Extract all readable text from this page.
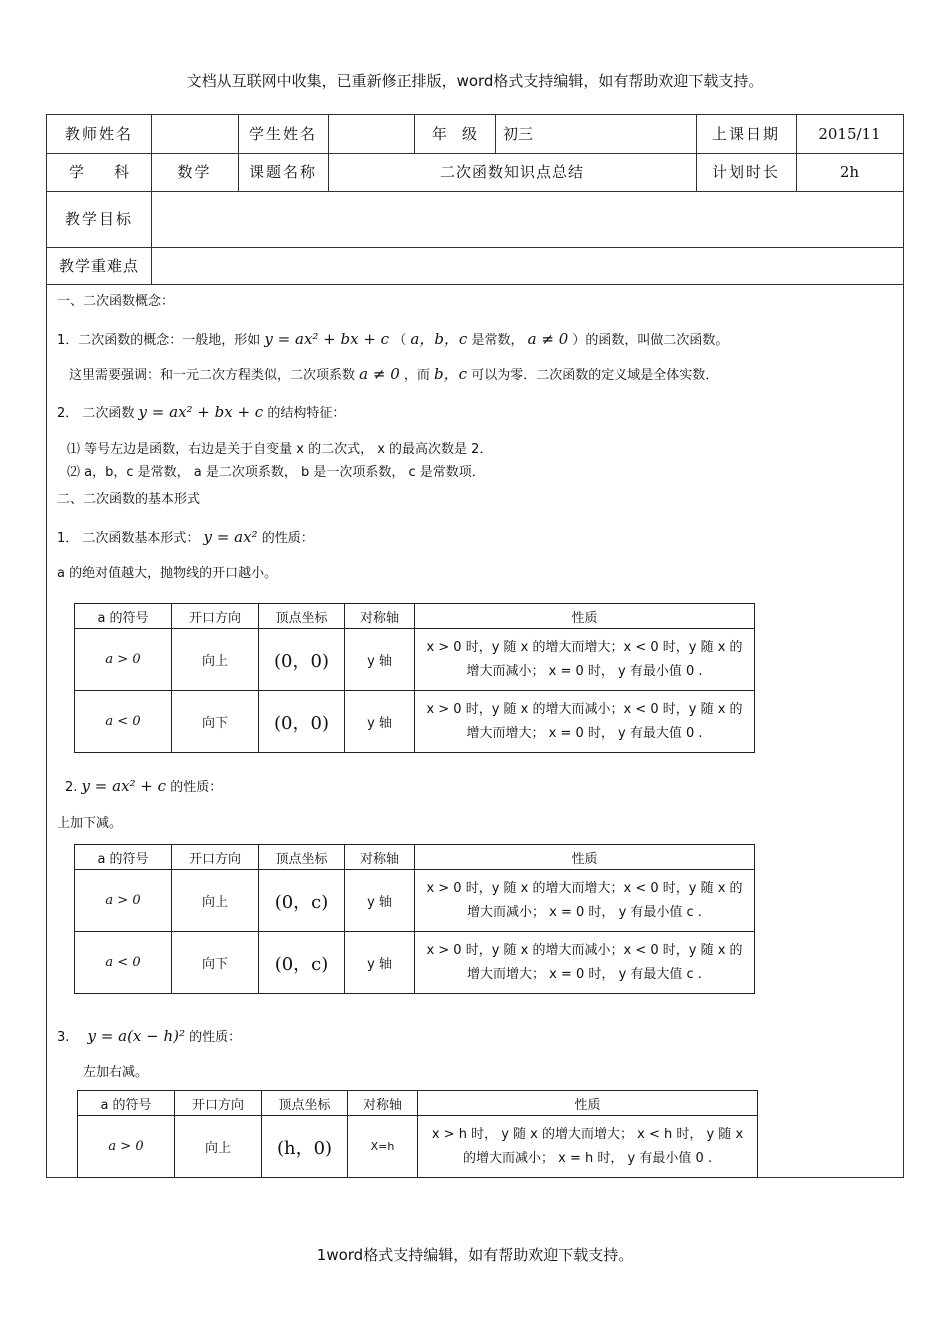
文档从互联网中收集，已重新修正排版，word格式支持编辑，如有帮助欢迎下载支持。
教师姓名	学生姓名	年　级	初三	上课日期	2015/11
学　　科	数学	课题名称	二次函数知识点总结	计划时长	2h
教学目标
教学重难点
一、二次函数概念：
1．二次函数的概念：一般地，形如 y = ax² + bx + c （ a，b，c 是常数， a ≠ 0 ）的函数，叫做二次函数。
这里需要强调：和一元二次方程类似，二次项系数 a ≠ 0 ，而 b，c 可以为零．二次函数的定义域是全体实数．
2． 二次函数 y = ax² + bx + c 的结构特征：
⑴ 等号左边是函数，右边是关于自变量 x 的二次式， x 的最高次数是 2．
⑵ a，b，c 是常数， a 是二次项系数， b 是一次项系数， c 是常数项．
二、二次函数的基本形式
1． 二次函数基本形式： y = ax² 的性质：
a 的绝对值越大，抛物线的开口越小。
a 的符号	开口方向	顶点坐标	对称轴	性质
a > 0	向上	(0，0)	y 轴	x > 0 时，y 随 x 的增大而增大；x < 0 时，y 随 x 的
增大而减小； x = 0 时， y 有最小值 0 .

a < 0	向下	(0，0)	y 轴	x > 0 时，y 随 x 的增大而减小；x < 0 时，y 随 x 的
增大而增大； x = 0 时， y 有最大值 0 .
2. y = ax² + c 的性质：
上加下减。
a 的符号	开口方向	顶点坐标	对称轴	性质
a > 0	向上	(0，c)	y 轴	x > 0 时，y 随 x 的增大而增大；x < 0 时，y 随 x 的
增大而减小； x = 0 时， y 有最小值 c .

a < 0	向下	(0，c)	y 轴	x > 0 时，y 随 x 的增大而减小；x < 0 时，y 随 x 的
增大而增大； x = 0 时， y 有最大值 c .
3. y = a(x − h)² 的性质：
左加右减。
a 的符号	开口方向	顶点坐标	对称轴	性质
a > 0	向上	(h，0)	X=h	x > h 时， y 随 x 的增大而增大； x < h 时， y 随 x
的增大而减小； x = h 时， y 有最小值 0 .
1word格式支持编辑，如有帮助欢迎下载支持。
